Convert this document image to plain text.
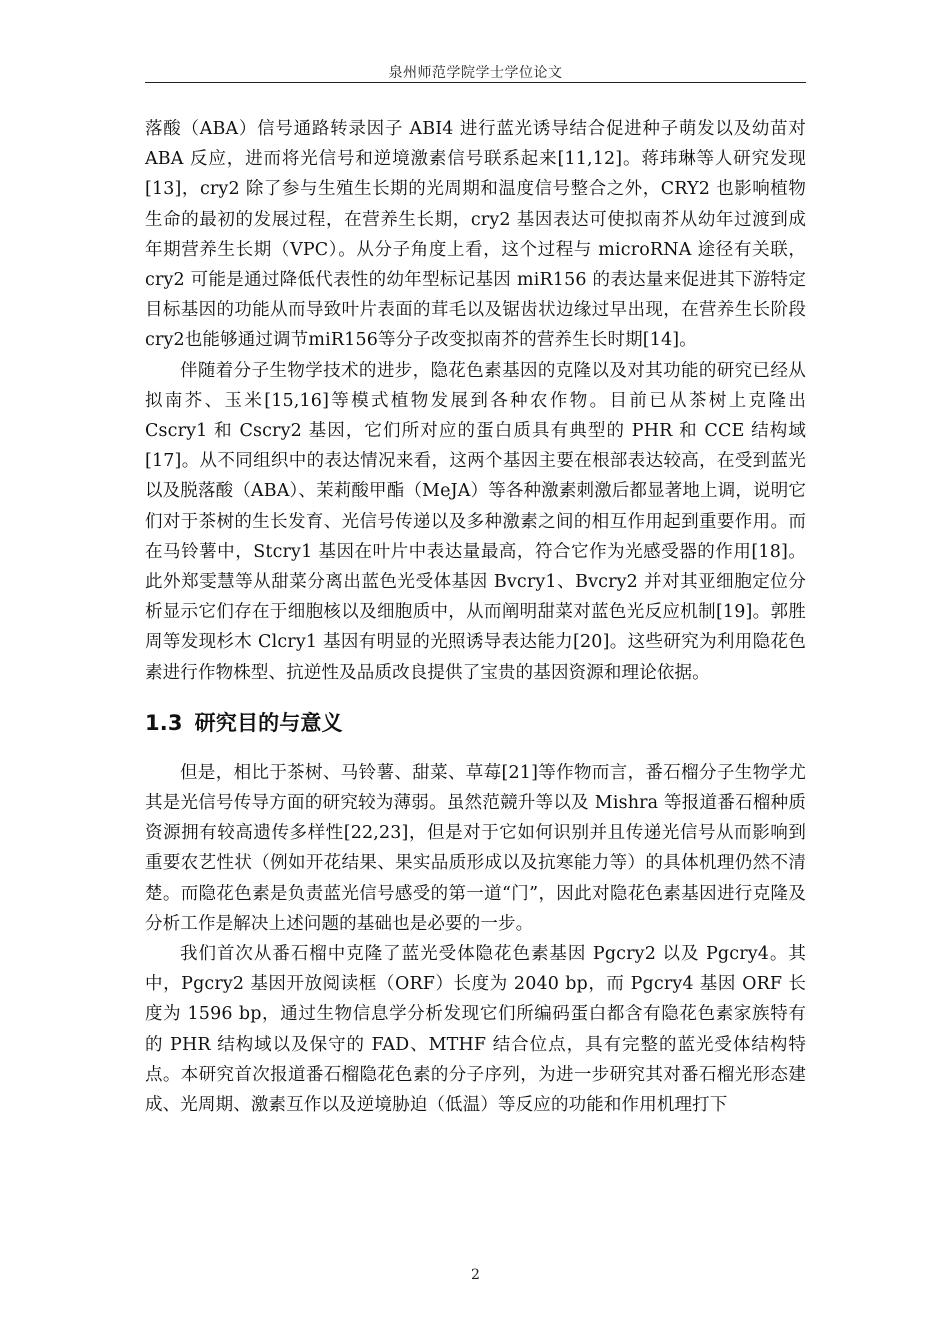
泉州师范学院学士学位论文

落酸（ABA）信号通路转录因子 ABI4 进行蓝光诱导结合促进种子萌发以及幼苗对 ABA 反应，进而将光信号和逆境激素信号联系起来[11,12]。蒋玮琳等人研究发现[13]，cry2 除了参与生殖生长期的光周期和温度信号整合之外，CRY2 也影响植物生命的最初的发展过程，在营养生长期，cry2 基因表达可使拟南芥从幼年过渡到成年期营养生长期（VPC）。从分子角度上看，这个过程与 microRNA 途径有关联，cry2 可能是通过降低代表性的幼年型标记基因 miR156 的表达量来促进其下游特定目标基因的功能从而导致叶片表面的茸毛以及锯齿状边缘过早出现，在营养生长阶段cry2也能够通过调节miR156等分子改变拟南芥的营养生长时期[14]。

伴随着分子生物学技术的进步，隐花色素基因的克隆以及对其功能的研究已经从拟南芥、玉米[15,16]等模式植物发展到各种农作物。目前已从茶树上克隆出 Cscry1 和 Cscry2 基因，它们所对应的蛋白质具有典型的 PHR 和 CCE 结构域[17]。从不同组织中的表达情况来看，这两个基因主要在根部表达较高，在受到蓝光以及脱落酸（ABA）、茉莉酸甲酯（MeJA）等各种激素刺激后都显著地上调，说明它们对于茶树的生长发育、光信号传递以及多种激素之间的相互作用起到重要作用。而在马铃薯中，Stcry1 基因在叶片中表达量最高，符合它作为光感受器的作用[18]。此外郑雯慧等从甜菜分离出蓝色光受体基因 Bvcry1、Bvcry2 并对其亚细胞定位分析显示它们存在于细胞核以及细胞质中，从而阐明甜菜对蓝色光反应机制[19]。郭胜周等发现杉木 Clcry1 基因有明显的光照诱导表达能力[20]。这些研究为利用隐花色素进行作物株型、抗逆性及品质改良提供了宝贵的基因资源和理论依据。

1.3 研究目的与意义

但是，相比于茶树、马铃薯、甜菜、草莓[21]等作物而言，番石榴分子生物学尤其是光信号传导方面的研究较为薄弱。虽然范競升等以及 Mishra 等报道番石榴种质资源拥有较高遗传多样性[22,23]，但是对于它如何识别并且传递光信号从而影响到重要农艺性状（例如开花结果、果实品质形成以及抗寒能力等）的具体机理仍然不清楚。而隐花色素是负责蓝光信号感受的第一道“门”，因此对隐花色素基因进行克隆及分析工作是解决上述问题的基础也是必要的一步。

我们首次从番石榴中克隆了蓝光受体隐花色素基因 Pgcry2 以及 Pgcry4。其中，Pgcry2 基因开放阅读框（ORF）长度为 2040 bp，而 Pgcry4 基因 ORF 长度为 1596 bp，通过生物信息学分析发现它们所编码蛋白都含有隐花色素家族特有的 PHR 结构域以及保守的 FAD、MTHF 结合位点，具有完整的蓝光受体结构特点。本研究首次报道番石榴隐花色素的分子序列，为进一步研究其对番石榴光形态建成、光周期、激素互作以及逆境胁迫（低温）等反应的功能和作用机理打下

2
